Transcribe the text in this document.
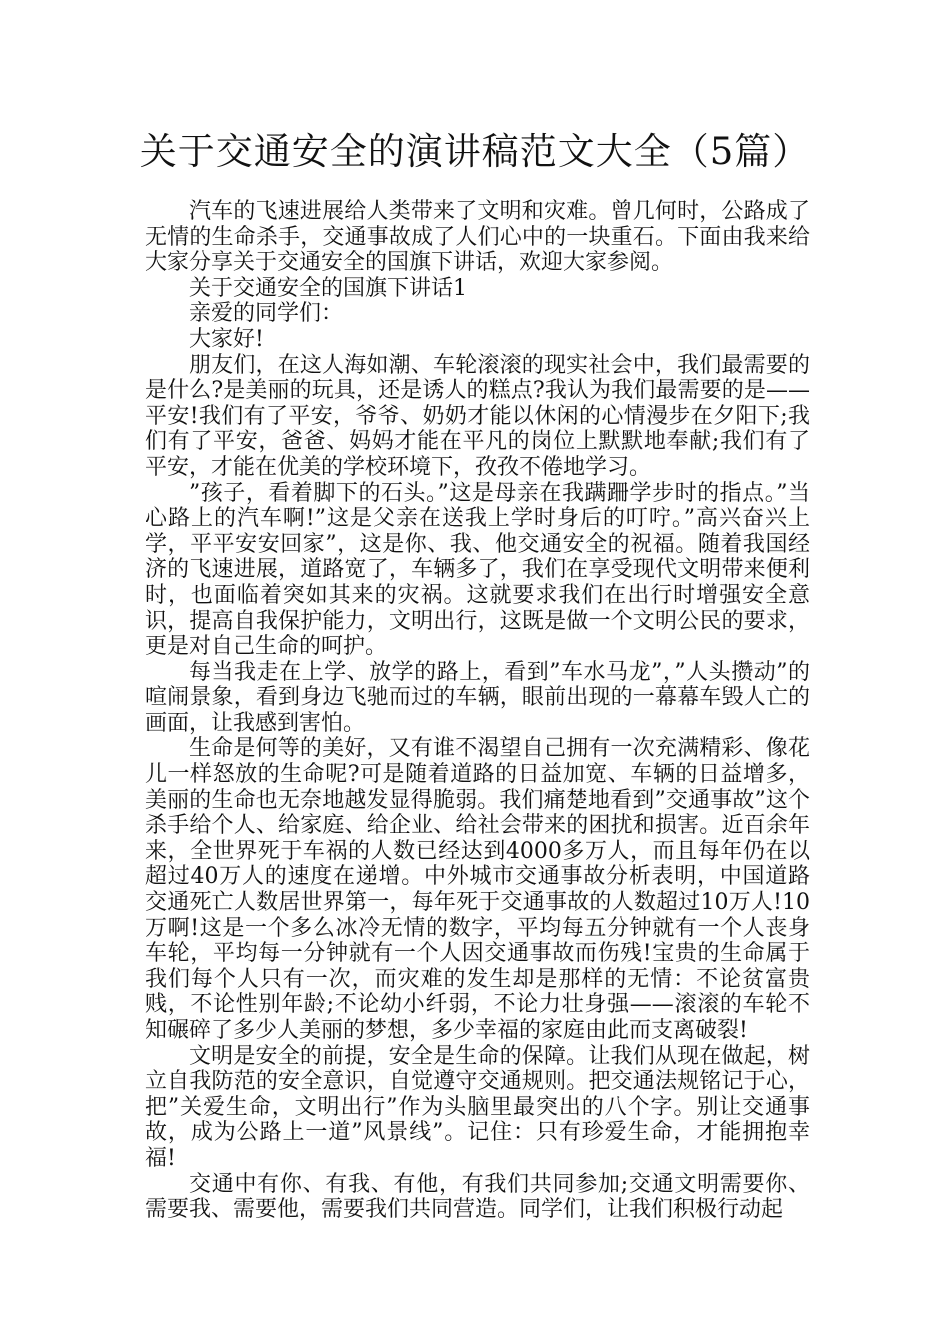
关于交通安全的演讲稿范文大全（5篇）

汽车的飞速进展给人类带来了文明和灾难。曾几何时，公路成了无情的生命杀手，交通事故成了人们心中的一块重石。下面由我来给大家分享关于交通安全的国旗下讲话，欢迎大家参阅。

关于交通安全的国旗下讲话1

亲爱的同学们：

大家好!

朋友们，在这人海如潮、车轮滚滚的现实社会中，我们最需要的是什么?是美丽的玩具，还是诱人的糕点?我认为我们最需要的是——平安!我们有了平安，爷爷、奶奶才能以休闲的心情漫步在夕阳下;我们有了平安，爸爸、妈妈才能在平凡的岗位上默默地奉献;我们有了平安，才能在优美的学校环境下，孜孜不倦地学习。

”孩子，看着脚下的石头。”这是母亲在我蹒跚学步时的指点。”当心路上的汽车啊!”这是父亲在送我上学时身后的叮咛。”高兴奋兴上学，平平安安回家”，这是你、我、他交通安全的祝福。随着我国经济的飞速进展，道路宽了，车辆多了，我们在享受现代文明带来便利时，也面临着突如其来的灾祸。这就要求我们在出行时增强安全意识，提高自我保护能力，文明出行，这既是做一个文明公民的要求，更是对自己生命的呵护。

每当我走在上学、放学的路上，看到”车水马龙”，”人头攒动”的喧闹景象，看到身边飞驰而过的车辆，眼前出现的一幕幕车毁人亡的画面，让我感到害怕。

生命是何等的美好，又有谁不渴望自己拥有一次充满精彩、像花儿一样怒放的生命呢?可是随着道路的日益加宽、车辆的日益增多，美丽的生命也无奈地越发显得脆弱。我们痛楚地看到”交通事故”这个杀手给个人、给家庭、给企业、给社会带来的困扰和损害。近百余年来，全世界死于车祸的人数已经达到4000多万人，而且每年仍在以超过40万人的速度在递增。中外城市交通事故分析表明，中国道路交通死亡人数居世界第一，每年死于交通事故的人数超过10万人!10万啊!这是一个多么冰冷无情的数字，平均每五分钟就有一个人丧身车轮，平均每一分钟就有一个人因交通事故而伤残!宝贵的生命属于我们每个人只有一次，而灾难的发生却是那样的无情：不论贫富贵贱，不论性别年龄;不论幼小纤弱，不论力壮身强——滚滚的车轮不知碾碎了多少人美丽的梦想，多少幸福的家庭由此而支离破裂!

文明是安全的前提，安全是生命的保障。让我们从现在做起，树立自我防范的安全意识，自觉遵守交通规则。把交通法规铭记于心，把”关爱生命，文明出行”作为头脑里最突出的八个字。别让交通事故，成为公路上一道”风景线”。记住：只有珍爱生命，才能拥抱幸福!

交通中有你、有我、有他，有我们共同参加;交通文明需要你、需要我、需要他，需要我们共同营造。同学们，让我们积极行动起
